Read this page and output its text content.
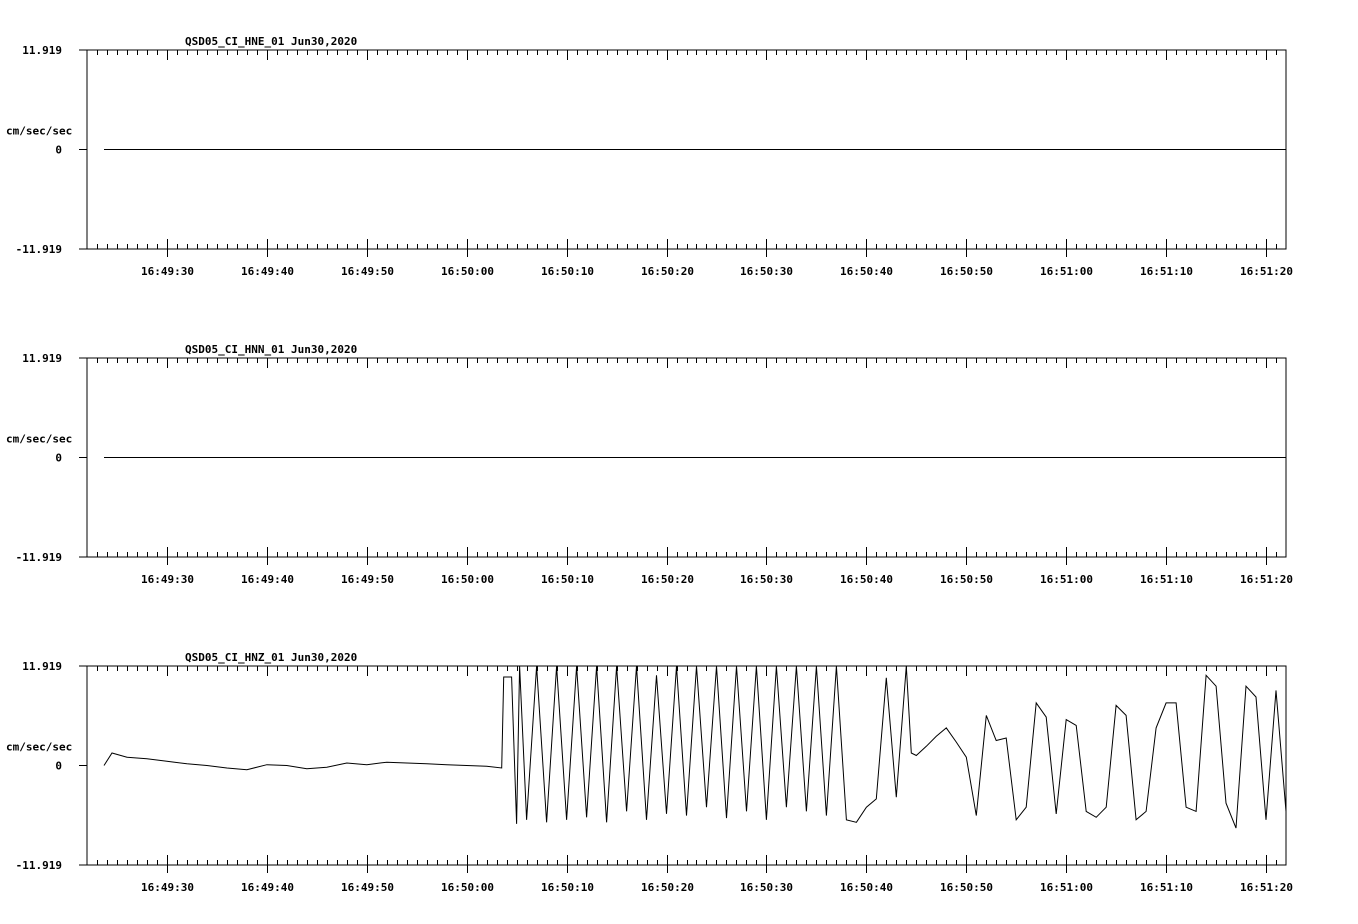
QSD05_CI_HNE_01 Jun30,2020
cm/sec/sec
11.919
0
-11.919
16:49:30	16:49:40	16:49:50	16:50:00	16:50:10	16:50:20	16:50:30	16:50:40	16:50:50	16:51:00	16:51:10	16:51:20
QSD05_CI_HNN_01 Jun30,2020
cm/sec/sec
11.919
0
-11.919
16:49:30	16:49:40	16:49:50	16:50:00	16:50:10	16:50:20	16:50:30	16:50:40	16:50:50	16:51:00	16:51:10	16:51:20
QSD05_CI_HNZ_01 Jun30,2020
cm/sec/sec
11.919
0
-11.919
16:49:30	16:49:40	16:49:50	16:50:00	16:50:10	16:50:20	16:50:30	16:50:40	16:50:50	16:51:00	16:51:10	16:51:20
